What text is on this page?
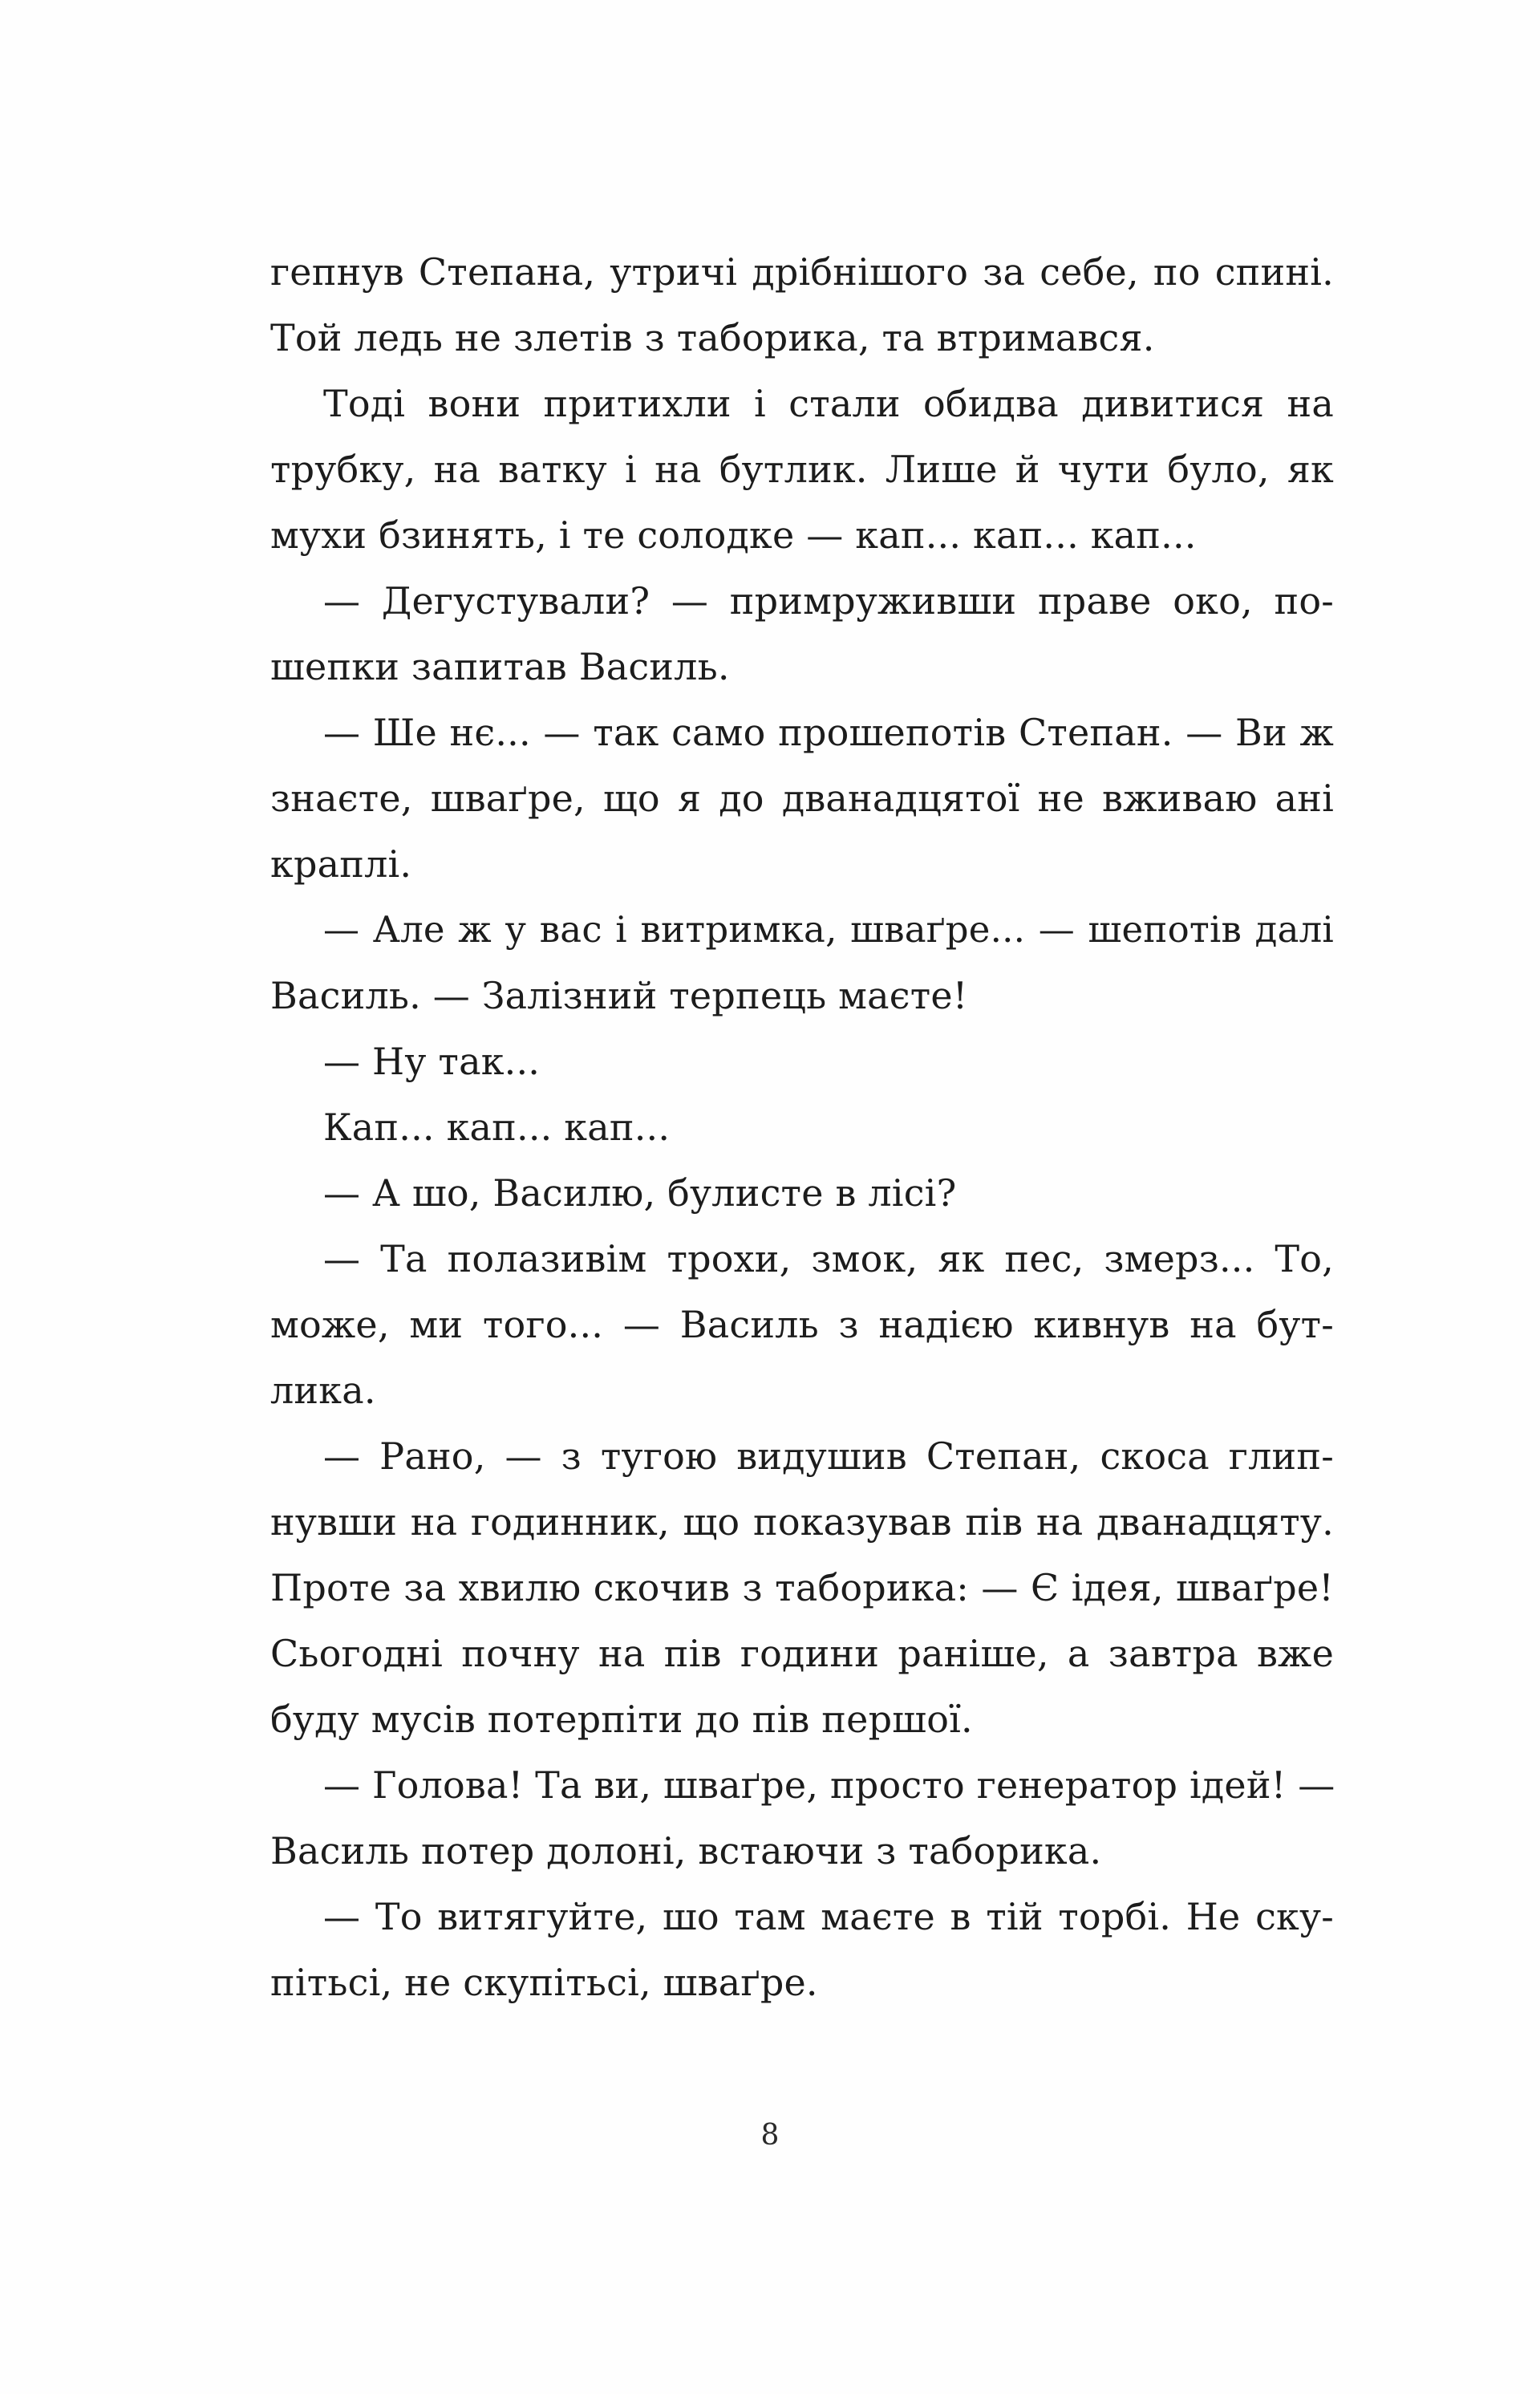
гепнув Степана, утричі дрібнішого за себе, по спині.
Той ледь не злетів з таборика, та втримався.
Тоді вони притихли і стали обидва дивитися на
трубку, на ватку і на бутлик. Лише й чути було, як
мухи бзинять, і те солодке — кап... кап... кап...
— Дегустували? — примруживши праве око, по-
шепки запитав Василь.
— Ше нє... — так само прошепотів Степан. — Ви ж
знаєте, шваґре, що я до дванадцятої не вживаю ані
краплі.
— Але ж у вас і витримка, шваґре... — шепотів далі
Василь. — Залізний терпець маєте!
— Ну так...
Кап... кап... кап...
— А шо, Василю, булисте в лісі?
— Та полазивім трохи, змок, як пес, змерз... То,
може, ми того... — Василь з надією кивнув на бут-
лика.
— Рано, — з тугою видушив Степан, скоса глип-
нувши на годинник, що показував пів на дванадцяту.
Проте за хвилю скочив з таборика: — Є ідея, шваґре!
Сьогодні почну на пів години раніше, а завтра вже
буду мусів потерпіти до пів першої.
— Голова! Та ви, шваґре, просто генератор ідей! —
Василь потер долоні, встаючи з таборика.
— То витягуйте, шо там маєте в тій торбі. Не ску-
пітьсі, не скупітьсі, шваґре.
8
